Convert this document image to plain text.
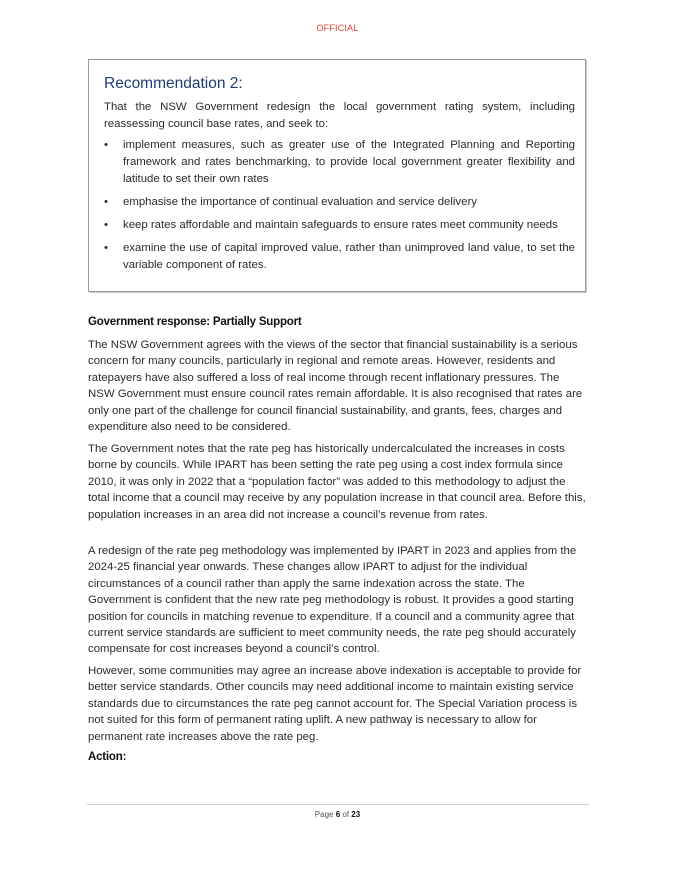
OFFICIAL
Recommendation 2:
That the NSW Government redesign the local government rating system, including reassessing council base rates, and seek to:
• implement measures, such as greater use of the Integrated Planning and Reporting framework and rates benchmarking, to provide local government greater flexibility and latitude to set their own rates
• emphasise the importance of continual evaluation and service delivery
• keep rates affordable and maintain safeguards to ensure rates meet community needs
• examine the use of capital improved value, rather than unimproved land value, to set the variable component of rates.
Government response: Partially Support

The NSW Government agrees with the views of the sector that financial sustainability is a serious concern for many councils, particularly in regional and remote areas. However, residents and ratepayers have also suffered a loss of real income through recent inflationary pressures. The NSW Government must ensure council rates remain affordable. It is also recognised that rates are only one part of the challenge for council financial sustainability, and grants, fees, charges and expenditure also need to be considered.

The Government notes that the rate peg has historically undercalculated the increases in costs borne by councils. While IPART has been setting the rate peg using a cost index formula since 2010, it was only in 2022 that a “population factor” was added to this methodology to adjust the total income that a council may receive by any population increase in that council area. Before this, population increases in an area did not increase a council’s revenue from rates.

A redesign of the rate peg methodology was implemented by IPART in 2023 and applies from the 2024-25 financial year onwards. These changes allow IPART to adjust for the individual circumstances of a council rather than apply the same indexation across the state. The Government is confident that the new rate peg methodology is robust. It provides a good starting position for councils in matching revenue to expenditure. If a council and a community agree that current service standards are sufficient to meet community needs, the rate peg should accurately compensate for cost increases beyond a council’s control.

However, some communities may agree an increase above indexation is acceptable to provide for better service standards. Other councils may need additional income to maintain existing service standards due to circumstances the rate peg cannot account for. The Special Variation process is not suited for this form of permanent rating uplift. A new pathway is necessary to allow for permanent rate increases above the rate peg.

Action:
Page 6 of 23
